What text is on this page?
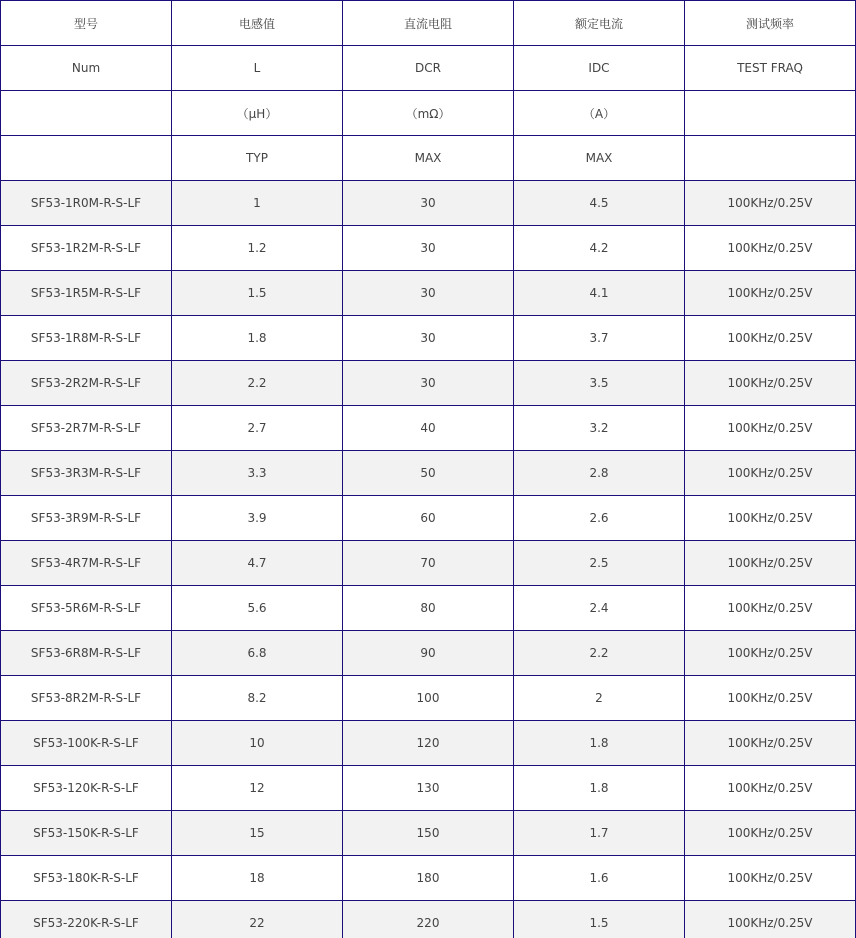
型号	电感值	直流电阻	额定电流	测试频率
Num	L	DCR	IDC	TEST FRAQ
	（μH）	（mΩ）	（A）	
	TYP	MAX	MAX	
SF53-1R0M-R-S-LF	1	30	4.5	100KHz/0.25V
SF53-1R2M-R-S-LF	1.2	30	4.2	100KHz/0.25V
SF53-1R5M-R-S-LF	1.5	30	4.1	100KHz/0.25V
SF53-1R8M-R-S-LF	1.8	30	3.7	100KHz/0.25V
SF53-2R2M-R-S-LF	2.2	30	3.5	100KHz/0.25V
SF53-2R7M-R-S-LF	2.7	40	3.2	100KHz/0.25V
SF53-3R3M-R-S-LF	3.3	50	2.8	100KHz/0.25V
SF53-3R9M-R-S-LF	3.9	60	2.6	100KHz/0.25V
SF53-4R7M-R-S-LF	4.7	70	2.5	100KHz/0.25V
SF53-5R6M-R-S-LF	5.6	80	2.4	100KHz/0.25V
SF53-6R8M-R-S-LF	6.8	90	2.2	100KHz/0.25V
SF53-8R2M-R-S-LF	8.2	100	2	100KHz/0.25V
SF53-100K-R-S-LF	10	120	1.8	100KHz/0.25V
SF53-120K-R-S-LF	12	130	1.8	100KHz/0.25V
SF53-150K-R-S-LF	15	150	1.7	100KHz/0.25V
SF53-180K-R-S-LF	18	180	1.6	100KHz/0.25V
SF53-220K-R-S-LF	22	220	1.5	100KHz/0.25V
